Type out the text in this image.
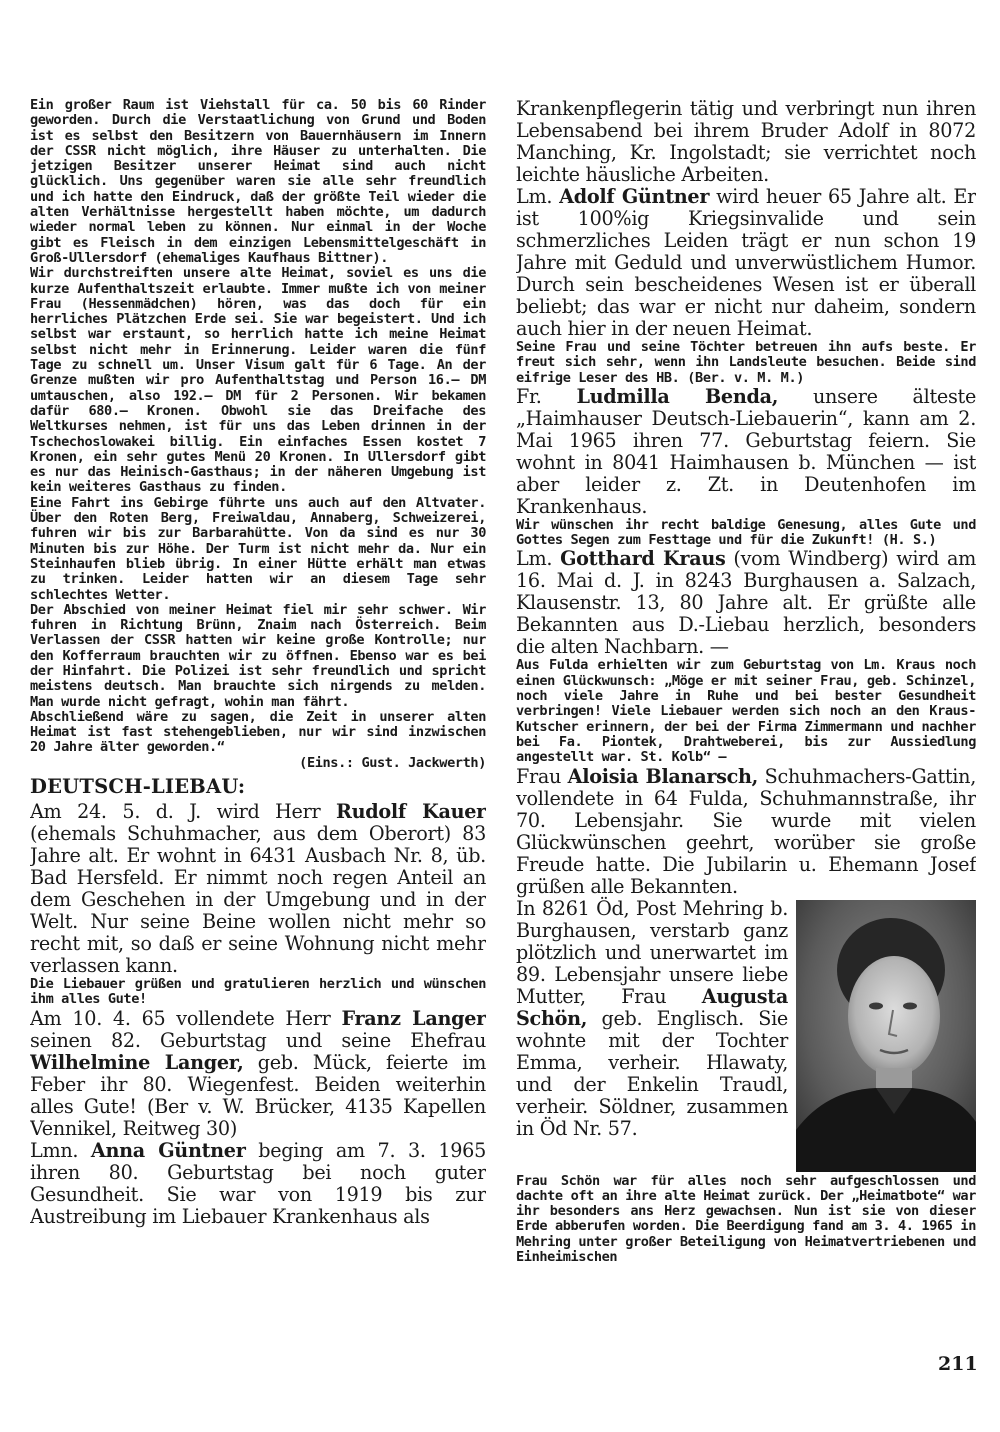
Ein großer Raum ist Viehstall für ca. 50 bis 60 Rinder geworden. Durch die Verstaatlichung von Grund und Boden ist es selbst den Besitzern von Bauernhäusern im Innern der CSSR nicht möglich, ihre Häuser zu unterhalten. Die jetzigen Besitzer unserer Heimat sind auch nicht glücklich. Uns gegenüber waren sie alle sehr freundlich und ich hatte den Eindruck, daß der größte Teil wieder die alten Verhältnisse hergestellt haben möchte, um dadurch wieder normal leben zu können. Nur einmal in der Woche gibt es Fleisch in dem einzigen Lebensmittelgeschäft in Groß-Ullersdorf (ehemaliges Kaufhaus Bittner).

Wir durchstreiften unsere alte Heimat, soviel es uns die kurze Aufenthaltszeit erlaubte. Immer mußte ich von meiner Frau (Hessenmädchen) hören, was das doch für ein herrliches Plätzchen Erde sei. Sie war begeistert. Und ich selbst war erstaunt, so herrlich hatte ich meine Heimat selbst nicht mehr in Erinnerung. Leider waren die fünf Tage zu schnell um. Unser Visum galt für 6 Tage. An der Grenze mußten wir pro Aufenthaltstag und Person 16.— DM umtauschen, also 192.— DM für 2 Personen. Wir bekamen dafür 680.— Kronen. Obwohl sie das Dreifache des Weltkurses nehmen, ist für uns das Leben drinnen in der Tschechoslowakei billig. Ein einfaches Essen kostet 7 Kronen, ein sehr gutes Menü 20 Kronen. In Ullersdorf gibt es nur das Heinisch-Gasthaus; in der näheren Umgebung ist kein weiteres Gasthaus zu finden.

Eine Fahrt ins Gebirge führte uns auch auf den Altvater. Über den Roten Berg, Freiwaldau, Annaberg, Schweizerei, fuhren wir bis zur Barbarahütte. Von da sind es nur 30 Minuten bis zur Höhe. Der Turm ist nicht mehr da. Nur ein Steinhaufen blieb übrig. In einer Hütte erhält man etwas zu trinken. Leider hatten wir an diesem Tage sehr schlechtes Wetter.

Der Abschied von meiner Heimat fiel mir sehr schwer. Wir fuhren in Richtung Brünn, Znaim nach Österreich. Beim Verlassen der CSSR hatten wir keine große Kontrolle; nur den Kofferraum brauchten wir zu öffnen. Ebenso war es bei der Hinfahrt. Die Polizei ist sehr freundlich und spricht meistens deutsch. Man brauchte sich nirgends zu melden. Man wurde nicht gefragt, wohin man fährt.

Abschließend wäre zu sagen, die Zeit in unserer alten Heimat ist fast stehengeblieben, nur wir sind inzwischen 20 Jahre älter geworden.“

(Eins.: Gust. Jackwerth)

DEUTSCH-LIEBAU:

Am 24. 5. d. J. wird Herr Rudolf Kauer (ehemals Schuhmacher, aus dem Oberort) 83 Jahre alt. Er wohnt in 6431 Ausbach Nr. 8, üb. Bad Hersfeld. Er nimmt noch regen Anteil an dem Geschehen in der Umgebung und in der Welt. Nur seine Beine wollen nicht mehr so recht mit, so daß er seine Wohnung nicht mehr verlassen kann.

Die Liebauer grüßen und gratulieren herzlich und wünschen ihm alles Gute!

Am 10. 4. 65 vollendete Herr Franz Langer seinen 82. Geburtstag und seine Ehefrau Wilhelmine Langer, geb. Mück, feierte im Feber ihr 80. Wiegenfest. Beiden weiterhin alles Gute! (Ber v. W. Brücker, 4135 Kapellen Vennikel, Reitweg 30)

Lmn. Anna Güntner beging am 7. 3. 1965 ihren 80. Geburtstag bei noch guter Gesundheit. Sie war von 1919 bis zur Austreibung im Liebauer Krankenhaus als

Krankenpflegerin tätig und verbringt nun ihren Lebensabend bei ihrem Bruder Adolf in 8072 Manching, Kr. Ingolstadt; sie verrichtet noch leichte häusliche Arbeiten.

Lm. Adolf Güntner wird heuer 65 Jahre alt. Er ist 100%ig Kriegsinvalide und sein schmerzliches Leiden trägt er nun schon 19 Jahre mit Geduld und unverwüstlichem Humor. Durch sein bescheidenes Wesen ist er überall beliebt; das war er nicht nur daheim, sondern auch hier in der neuen Heimat.

Seine Frau und seine Töchter betreuen ihn aufs beste. Er freut sich sehr, wenn ihn Landsleute besuchen. Beide sind eifrige Leser des HB. (Ber. v. M. M.)

Fr. Ludmilla Benda, unsere älteste „Haimhauser Deutsch-Liebauerin“, kann am 2. Mai 1965 ihren 77. Geburtstag feiern. Sie wohnt in 8041 Haimhausen b. München — ist aber leider z. Zt. in Deutenhofen im Krankenhaus.

Wir wünschen ihr recht baldige Genesung, alles Gute und Gottes Segen zum Festtage und für die Zukunft! (H. S.)

Lm. Gotthard Kraus (vom Windberg) wird am 16. Mai d. J. in 8243 Burghausen a. Salzach, Klausenstr. 13, 80 Jahre alt. Er grüßte alle Bekannten aus D.-Liebau herzlich, besonders die alten Nachbarn. —

Aus Fulda erhielten wir zum Geburtstag von Lm. Kraus noch einen Glückwunsch: „Möge er mit seiner Frau, geb. Schinzel, noch viele Jahre in Ruhe und bei bester Gesundheit verbringen! Viele Liebauer werden sich noch an den Kraus-Kutscher erinnern, der bei der Firma Zimmermann und nachher bei Fa. Piontek, Drahtweberei, bis zur Aussiedlung angestellt war. St. Kolb“ —

Frau Aloisia Blanarsch, Schuhmachers-Gattin, vollendete in 64 Fulda, Schuhmannstraße, ihr 70. Lebensjahr. Sie wurde mit vielen Glückwünschen geehrt, worüber sie große Freude hatte. Die Jubilarin u. Ehemann Josef grüßen alle Bekannten.

In 8261 Öd, Post Mehring b. Burghausen, verstarb ganz plötzlich und unerwartet im 89. Lebensjahr unsere liebe Mutter, Frau Augusta Schön, geb. Englisch. Sie wohnte mit der Tochter Emma, verheir. Hlawaty, und der Enkelin Traudl, verheir. Söldner, zusammen in Öd Nr. 57.

Frau Schön war für alles noch sehr aufgeschlossen und dachte oft an ihre alte Heimat zurück. Der „Heimatbote“ war ihr besonders ans Herz gewachsen. Nun ist sie von dieser Erde abberufen worden. Die Beerdigung fand am 3. 4. 1965 in Mehring unter großer Beteiligung von Heimatvertriebenen und Einheimischen

211
